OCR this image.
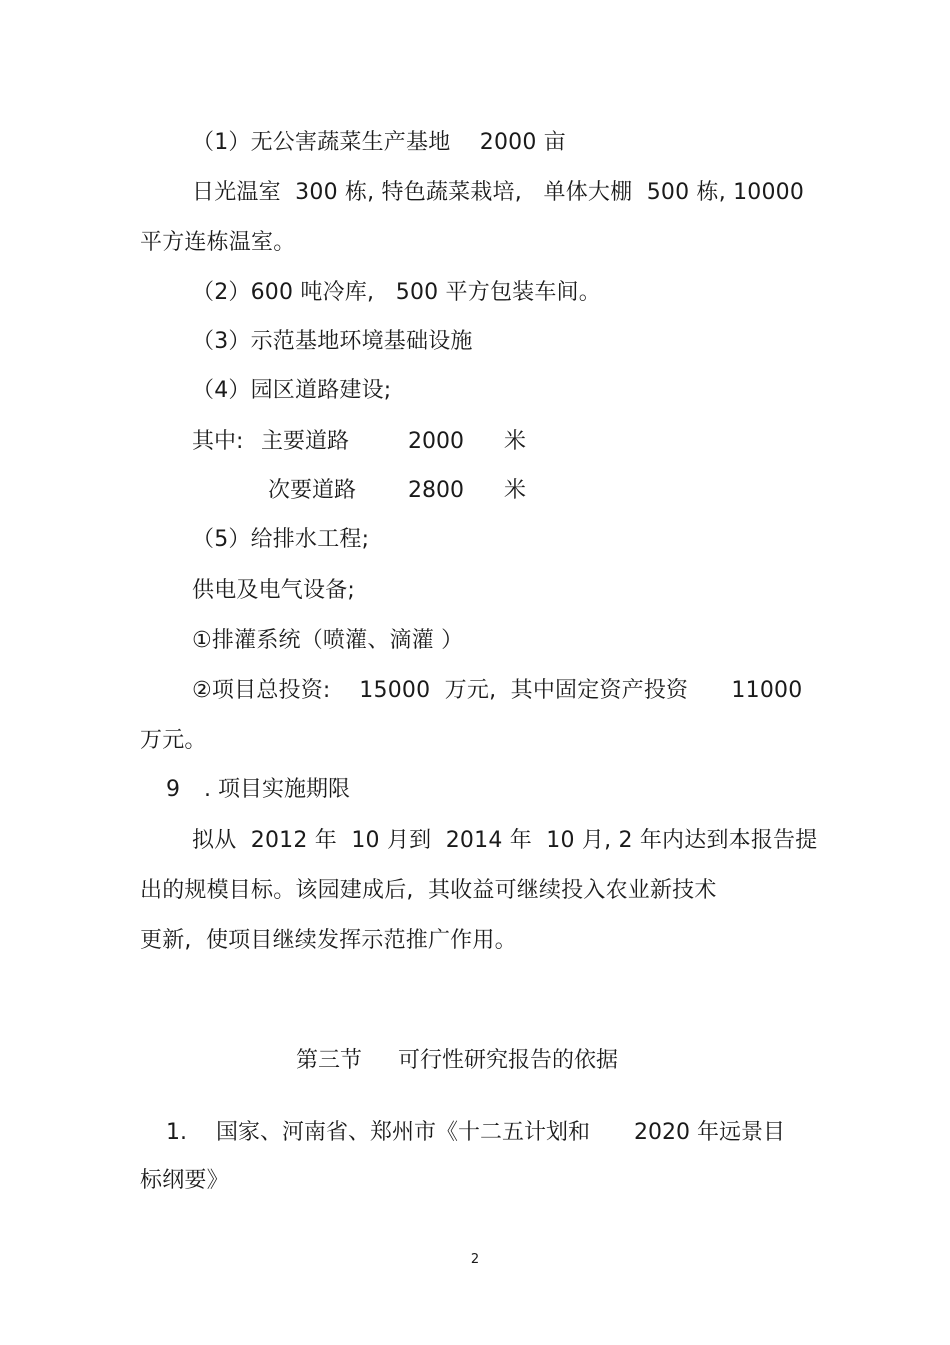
（1）无公害蔬菜生产基地　 2000 亩
日光温室  300 栋, 特色蔬菜栽培,   单体大棚  500 栋, 10000
平方连栋温室。
（2）600 吨冷库,   500 平方包装车间。
（3）示范基地环境基础设施
（4）园区道路建设;
其中: 主要道路	2000 米
次要道路 2800 米
（5）给排水工程;
供电及电气设备;
①排灌系统（喷灌、滴灌 ）
②项目总投资:    15000  万元,  其中固定资产投资      11000
万元。
9 . 项目实施期限
拟从  2012 年  10 月到  2014 年  10 月, 2 年内达到本报告提
出的规模目标。该园建成后,  其收益可继续投入农业新技术
更新,  使项目继续发挥示范推广作用。
第三节 可行性研究报告的依据
1. 国家、河南省、郑州市《十二五计划和　　2020 年远景目
标纲要》
2
